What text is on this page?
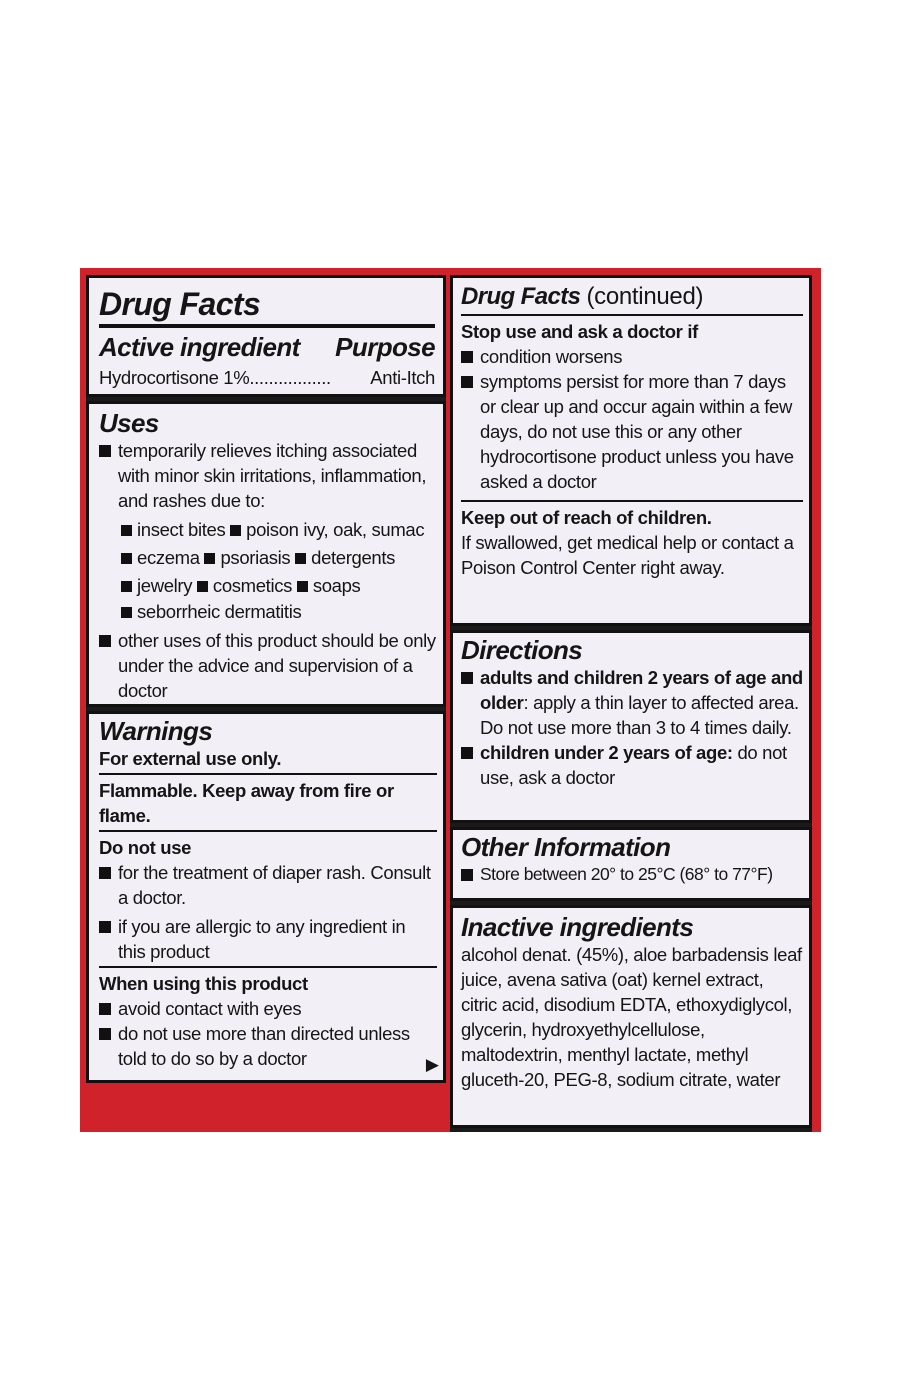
Drug Facts
Active ingredient Purpose
Hydrocortisone 1%................. Anti-Itch
Uses
temporarily relieves itching associated with minor skin irritations, inflammation, and rashes due to:
insect bites poison ivy, oak, sumac
eczema psoriasis detergents
jewelry cosmetics soaps
seborrheic dermatitis
other uses of this product should be only under the advice and supervision of a doctor
Warnings
For external use only.
Flammable. Keep away from fire or flame.
Do not use
for the treatment of diaper rash. Consult a doctor.
if you are allergic to any ingredient in this product
When using this product
avoid contact with eyes
do not use more than directed unless told to do so by a doctor	▶
Drug Facts (continued)
Stop use and ask a doctor if
condition worsens
symptoms persist for more than 7 days or clear up and occur again within a few days, do not use this or any other hydrocortisone product unless you have asked a doctor
Keep out of reach of children.
If swallowed, get medical help or contact a Poison Control Center right away.
Directions
adults and children 2 years of age and older: apply a thin layer to affected area. Do not use more than 3 to 4 times daily.
children under 2 years of age: do not use, ask a doctor
Other Information
Store between 20° to 25°C (68° to 77°F)
Inactive ingredients
alcohol denat. (45%), aloe barbadensis leaf juice, avena sativa (oat) kernel extract, citric acid, disodium EDTA, ethoxydiglycol, glycerin, hydroxyethylcellulose, maltodextrin, menthyl lactate, methyl gluceth-20, PEG-8, sodium citrate, water
